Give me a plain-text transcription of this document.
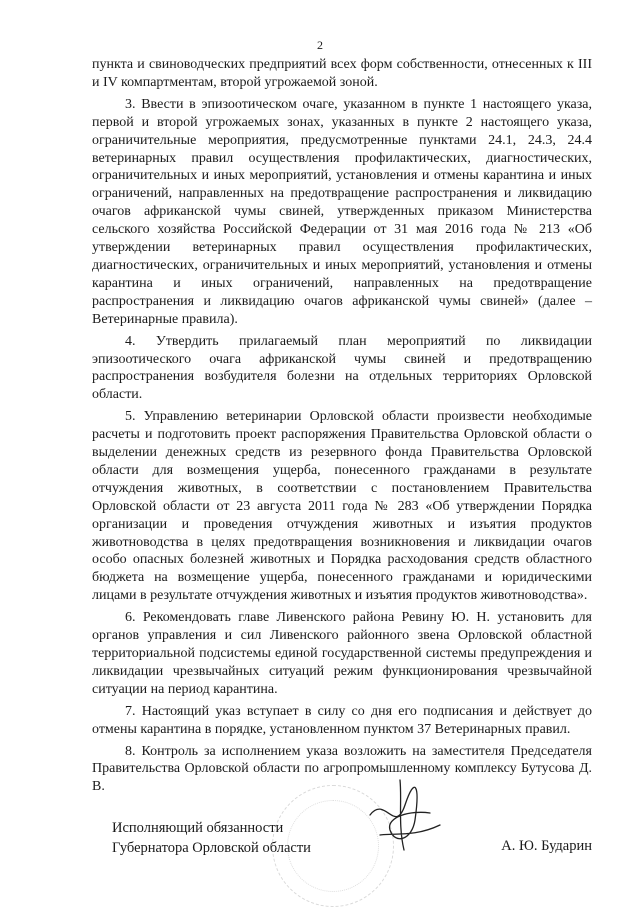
2

пункта и свиноводческих предприятий всех форм собственности, отнесенных к III и IV компартментам, второй угрожаемой зоной.

3. Ввести в эпизоотическом очаге, указанном в пункте 1 настоящего указа, первой и второй угрожаемых зонах, указанных в пункте 2 настоящего указа, ограничительные мероприятия, предусмотренные пунктами 24.1, 24.3, 24.4 ветеринарных правил осуществления профилактических, диагностических, ограничительных и иных мероприятий, установления и отмены карантина и иных ограничений, направленных на предотвращение распространения и ликвидацию очагов африканской чумы свиней, утвержденных приказом Министерства сельского хозяйства Российской Федерации от 31 мая 2016 года № 213 «Об утверждении ветеринарных правил осуществления профилактических, диагностических, ограничительных и иных мероприятий, установления и отмены карантина и иных ограничений, направленных на предотвращение распространения и ликвидацию очагов африканской чумы свиней» (далее – Ветеринарные правила).

4. Утвердить прилагаемый план мероприятий по ликвидации эпизоотического очага африканской чумы свиней и предотвращению распространения возбудителя болезни на отдельных территориях Орловской области.

5. Управлению ветеринарии Орловской области произвести необходимые расчеты и подготовить проект распоряжения Правительства Орловской области о выделении денежных средств из резервного фонда Правительства Орловской области для возмещения ущерба, понесенного гражданами в результате отчуждения животных, в соответствии с постановлением Правительства Орловской области от 23 августа 2011 года № 283 «Об утверждении Порядка организации и проведения отчуждения животных и изъятия продуктов животноводства в целях предотвращения возникновения и ликвидации очагов особо опасных болезней животных и Порядка расходования средств областного бюджета на возмещение ущерба, понесенного гражданами и юридическими лицами в результате отчуждения животных и изъятия продуктов животноводства».

6. Рекомендовать главе Ливенского района Ревину Ю. Н. установить для органов управления и сил Ливенского районного звена Орловской областной территориальной подсистемы единой государственной системы предупреждения и ликвидации чрезвычайных ситуаций режим функционирования чрезвычайной ситуации на период карантина.

7. Настоящий указ вступает в силу со дня его подписания и действует до отмены карантина в порядке, установленном пунктом 37 Ветеринарных правил.

8. Контроль за исполнением указа возложить на заместителя Председателя Правительства Орловской области по агропромышленному комплексу Бутусова Д. В.

Исполняющий обязанности
Губернатора Орловской области	А. Ю. Бударин
